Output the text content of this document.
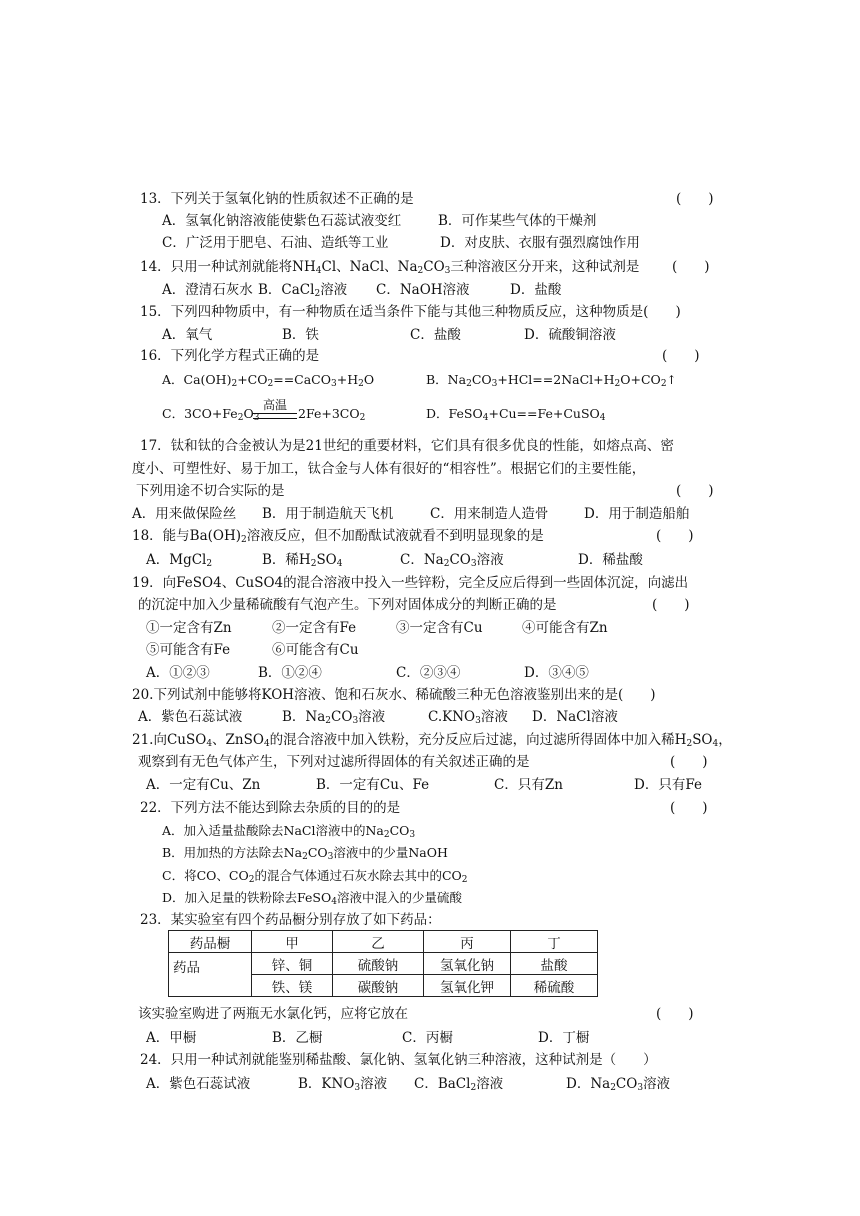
13．下列关于氢氧化钠的性质叙述不正确的是	(　　)
A．氢氧化钠溶液能使紫色石蕊试液变红	B．可作某些气体的干燥剂
C．广泛用于肥皂、石油、造纸等工业	D．对皮肤、衣服有强烈腐蚀作用
14．只用一种试剂就能将$NH_4Cl$、NaCl、$Na_2CO_3$三种溶液区分开来，这种试剂是 (　　)
A．澄清石灰水 B．CaCl$_2$溶液 C．NaOH溶液	D．盐酸
15．下列四种物质中，有一种物质在适当条件下能与其他三种物质反应，这种物质是(　　)
A．氧气	B．铁	C．盐酸	D．硫酸铜溶液
16．下列化学方程式正确的是	(　　)
A．$Ca(OH)_2+CO_2==CaCO_3+H_2O$	B．$Na_2CO_3+HCl==2NaCl+H_2O+CO_2↑$
C．$3CO+Fe_2O_3$
高温
$2Fe+3CO_2$	D．FeSO$_4$+Cu==Fe+CuSO$_4$
17．钛和钛的合金被认为是21世纪的重要材料，它们具有很多优良的性能，如熔点高、密
度小、可塑性好、易于加工，钛合金与人体有很好的“相容性”。根据它们的主要性能，
下列用途不切合实际的是	(　　)
A．用来做保险丝 B．用于制造航天飞机	C．用来制造人造骨	D．用于制造船舶
18．能与$Ba(OH)_2$溶液反应，但不加酚酞试液就看不到明显现象的是	(　　)
A．MgCl$_2$	B．稀$H_2SO_4$	C．$Na_2CO_3$溶液	D．稀盐酸
19．向FeSO4、CuSO4的混合溶液中投入一些锌粉，完全反应后得到一些固体沉淀，向滤出
的沉淀中加入少量稀硫酸有气泡产生。下列对固体成分的判断正确的是	(　　)
①一定含有Zn	②一定含有Fe	③一定含有Cu	④可能含有Zn
⑤可能含有Fe	⑥可能含有Cu
A．①②③	B．①②④	C．②③④	D．③④⑤
20.下列试剂中能够将KOH溶液、饱和石灰水、稀硫酸三种无色溶液鉴别出来的是(　　)
A．紫色石蕊试液	B．$Na_2CO_3$溶液	$C.KNO_3$溶液 D．NaCl溶液
21.向CuSO$_4$、ZnSO$_4$的混合溶液中加入铁粉，充分反应后过滤，向过滤所得固体中加入稀$H_2SO_4$，
观察到有无色气体产生，下列对过滤所得固体的有关叙述正确的是	(　　)
A．一定有Cu、Zn	B．一定有Cu、Fe	C．只有Zn	D．只有Fe
22．下列方法不能达到除去杂质的目的的是	(　　)
A．加入适量盐酸除去NaCl溶液中的$Na_2CO_3$
B．用加热的方法除去$Na_2CO_3$溶液中的少量NaOH
C．将CO、$CO_2$的混合气体通过石灰水除去其中的$CO_2$
D．加入足量的铁粉除去FeSO$_4$溶液中混入的少量硫酸
23．某实验室有四个药品橱分别存放了如下药品：
药品橱	甲	乙	丙	丁
药品	锌、铜	硫酸钠	氢氧化钠	盐酸
	铁、镁	碳酸钠	氢氧化钾	稀硫酸
该实验室购进了两瓶无水氯化钙，应将它放在	(　　)
A．甲橱	B．乙橱	C．丙橱	D．丁橱
24．只用一种试剂就能鉴别稀盐酸、氯化钠、氢氧化钠三种溶液，这种试剂是（　　）
A．紫色石蕊试液	B．$KNO_3$溶液 C．BaCl$_2$溶液	D．$Na_2CO_3$溶液
